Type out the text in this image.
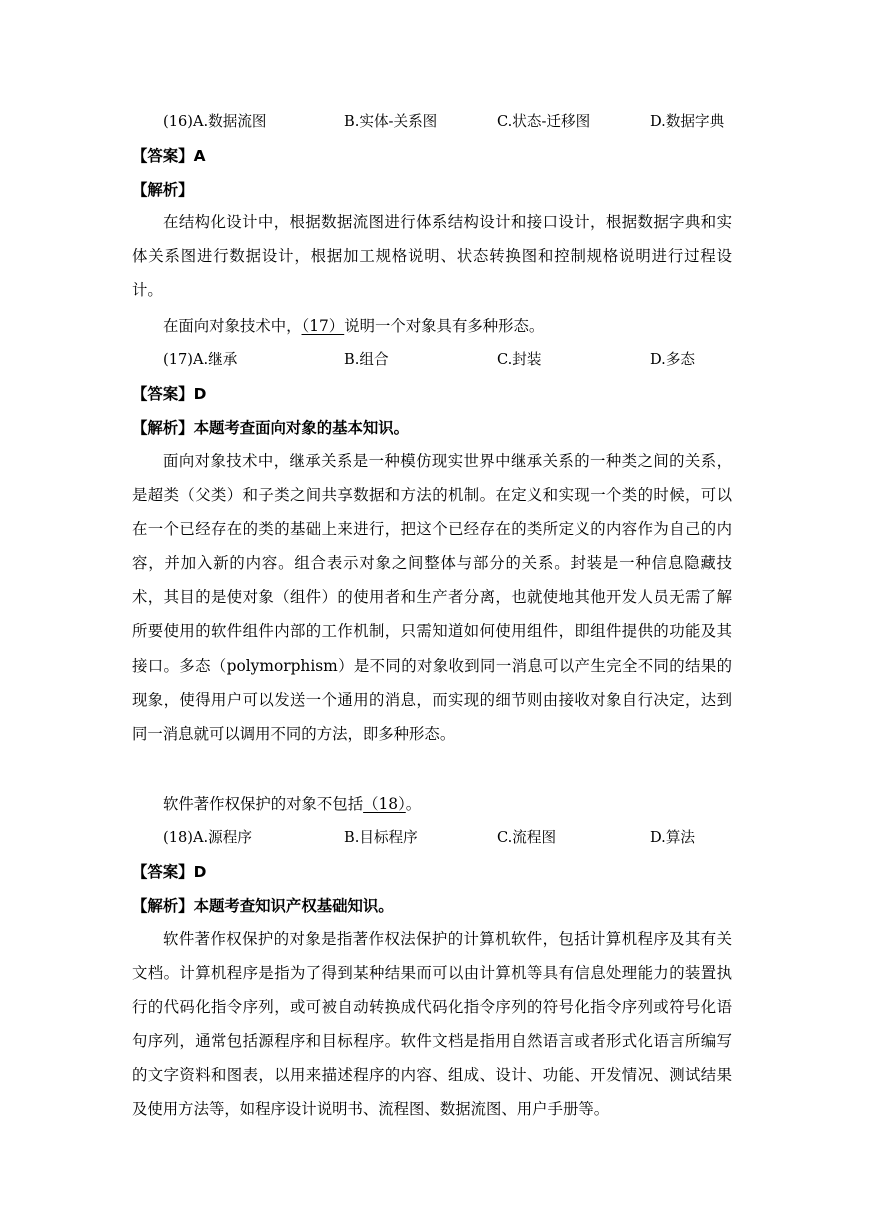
(16)A.数据流图	B.实体-关系图	C.状态-迁移图	D.数据字典
【答案】A
【解析】
在结构化设计中，根据数据流图进行体系结构设计和接口设计，根据数据字典和实体关系图进行数据设计，根据加工规格说明、状态转换图和控制规格说明进行过程设计。
在面向对象技术中，（17）说明一个对象具有多种形态。
(17)A.继承	B.组合	C.封装	D.多态
【答案】D
【解析】本题考查面向对象的基本知识。
面向对象技术中，继承关系是一种模仿现实世界中继承关系的一种类之间的关系，是超类（父类）和子类之间共享数据和方法的机制。在定义和实现一个类的时候，可以在一个已经存在的类的基础上来进行，把这个已经存在的类所定义的内容作为自己的内容，并加入新的内容。组合表示对象之间整体与部分的关系。封装是一种信息隐藏技术，其目的是使对象（组件）的使用者和生产者分离，也就使地其他开发人员无需了解所要使用的软件组件内部的工作机制，只需知道如何使用组件，即组件提供的功能及其接口。多态（polymorphism）是不同的对象收到同一消息可以产生完全不同的结果的现象，使得用户可以发送一个通用的消息，而实现的细节则由接收对象自行决定，达到同一消息就可以调用不同的方法，即多种形态。
软件著作权保护的对象不包括（18）。
(18)A.源程序	B.目标程序	C.流程图	D.算法
【答案】D
【解析】本题考查知识产权基础知识。
软件著作权保护的对象是指著作权法保护的计算机软件，包括计算机程序及其有关文档。计算机程序是指为了得到某种结果而可以由计算机等具有信息处理能力的装置执行的代码化指令序列，或可被自动转换成代码化指令序列的符号化指令序列或符号化语句序列，通常包括源程序和目标程序。软件文档是指用自然语言或者形式化语言所编写的文字资料和图表，以用来描述程序的内容、组成、设计、功能、开发情况、测试结果及使用方法等，如程序设计说明书、流程图、数据流图、用户手册等。
